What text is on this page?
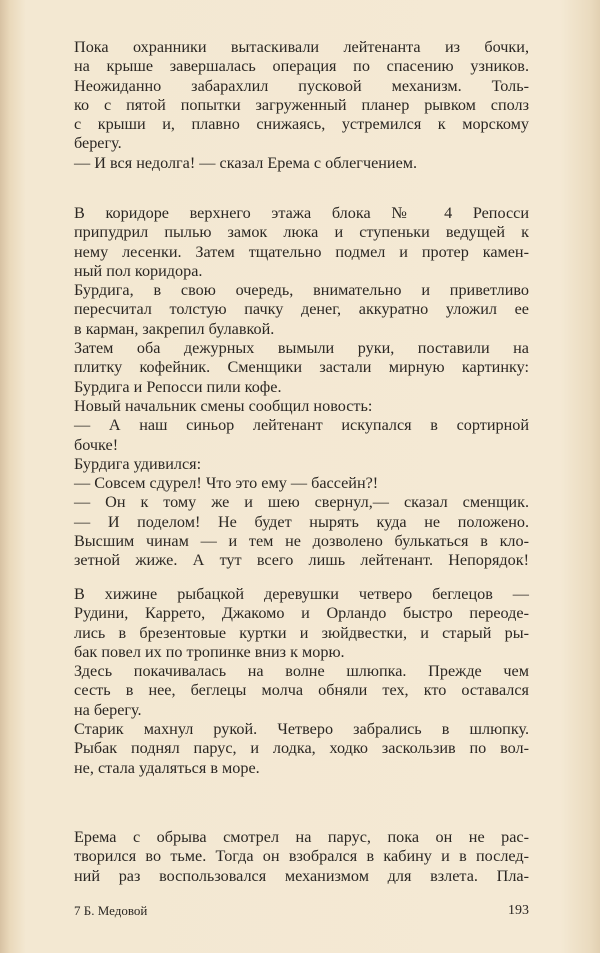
Пока охранники вытаскивали лейтенанта из бочки,
на крыше завершалась операция по спасению узников.
Неожиданно забарахлил пусковой механизм. Толь-
ко с пятой попытки загруженный планер рывком сполз
с крыши и, плавно снижаясь, устремился к морскому
берегу.
— И вся недолга! — сказал Ерема с облегчением.
В коридоре верхнего этажа блока № 4 Репосси
припудрил пылью замок люка и ступеньки ведущей к
нему лесенки. Затем тщательно подмел и протер камен-
ный пол коридора.
Бурдига, в свою очередь, внимательно и приветливо
пересчитал толстую пачку денег, аккуратно уложил ее
в карман, закрепил булавкой.
Затем оба дежурных вымыли руки, поставили на
плитку кофейник. Сменщики застали мирную картинку:
Бурдига и Репосси пили кофе.
Новый начальник смены сообщил новость:
— А наш синьор лейтенант искупался в сортирной
бочке!
Бурдига удивился:
— Совсем сдурел! Что это ему — бассейн?!
— Он к тому же и шею свернул,— сказал сменщик.
— И поделом! Не будет нырять куда не положено.
Высшим чинам — и тем не дозволено булькаться в кло-
зетной жиже. А тут всего лишь лейтенант. Непорядок!
В хижине рыбацкой деревушки четверо беглецов —
Рудини, Каррето, Джакомо и Орландо быстро переоде-
лись в брезентовые куртки и зюйдвестки, и старый ры-
бак повел их по тропинке вниз к морю.
Здесь покачивалась на волне шлюпка. Прежде чем
сесть в нее, беглецы молча обняли тех, кто оставался
на берегу.
Старик махнул рукой. Четверо забрались в шлюпку.
Рыбак поднял парус, и лодка, ходко заскользив по вол-
не, стала удаляться в море.
Ерема с обрыва смотрел на парус, пока он не рас-
творился во тьме. Тогда он взобрался в кабину и в послед-
ний раз воспользовался механизмом для взлета. Пла-
7 Б. Медовой	193
